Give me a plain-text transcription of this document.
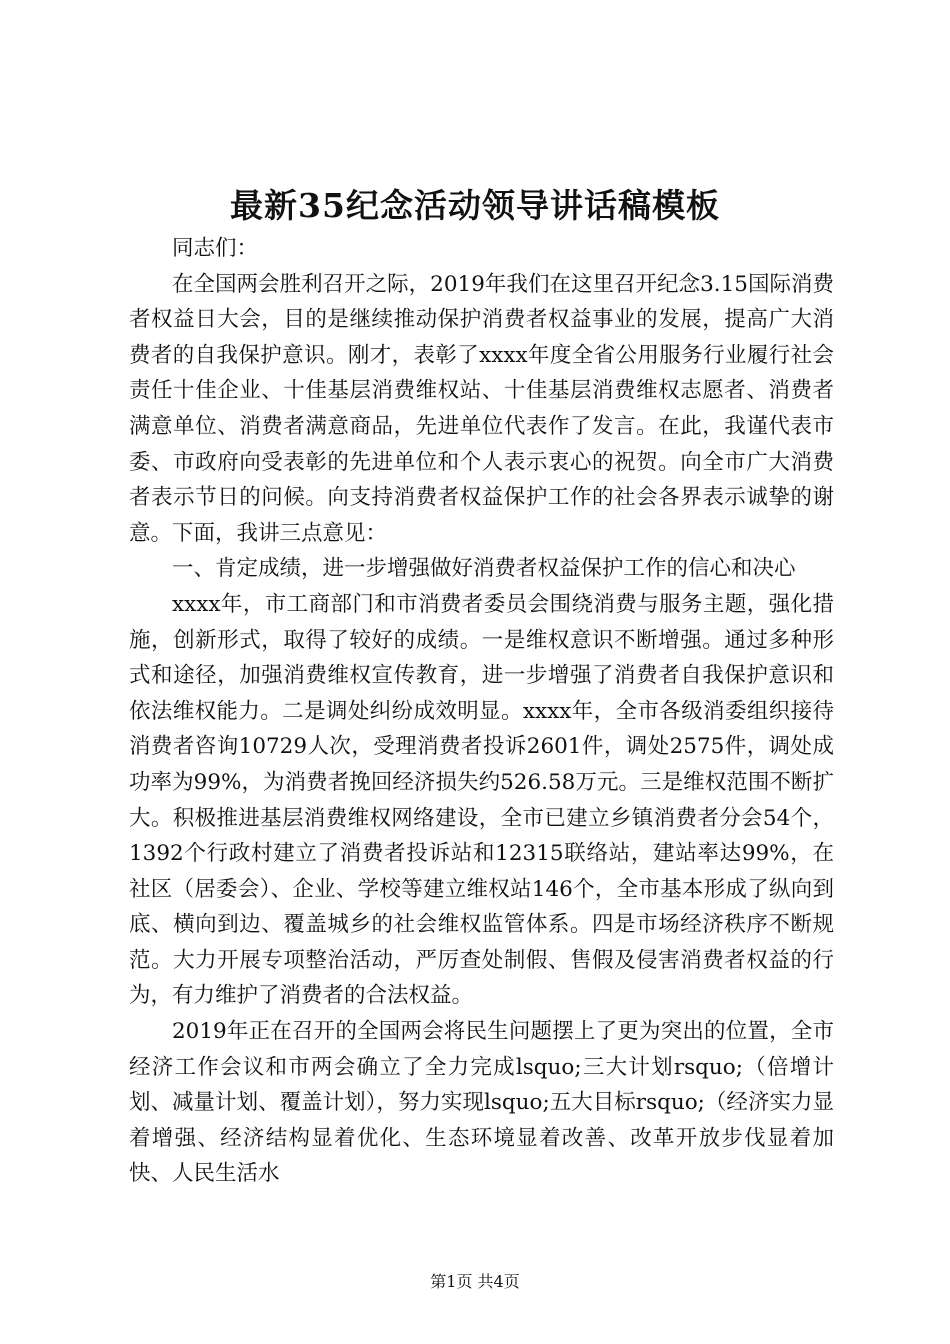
最新35纪念活动领导讲话稿模板

同志们：

在全国两会胜利召开之际，2019年我们在这里召开纪念3.15国际消费者权益日大会，目的是继续推动保护消费者权益事业的发展，提高广大消费者的自我保护意识。刚才，表彰了xxxx年度全省公用服务行业履行社会责任十佳企业、十佳基层消费维权站、十佳基层消费维权志愿者、消费者满意单位、消费者满意商品，先进单位代表作了发言。在此，我谨代表市委、市政府向受表彰的先进单位和个人表示衷心的祝贺。向全市广大消费者表示节日的问候。向支持消费者权益保护工作的社会各界表示诚挚的谢意。下面，我讲三点意见：

一、肯定成绩，进一步增强做好消费者权益保护工作的信心和决心

xxxx年，市工商部门和市消费者委员会围绕消费与服务主题，强化措施，创新形式，取得了较好的成绩。一是维权意识不断增强。通过多种形式和途径，加强消费维权宣传教育，进一步增强了消费者自我保护意识和依法维权能力。二是调处纠纷成效明显。xxxx年，全市各级消委组织接待消费者咨询10729人次，受理消费者投诉2601件，调处2575件，调处成功率为99%，为消费者挽回经济损失约526.58万元。三是维权范围不断扩大。积极推进基层消费维权网络建设，全市已建立乡镇消费者分会54个，1392个行政村建立了消费者投诉站和12315联络站，建站率达99%，在社区（居委会）、企业、学校等建立维权站146个，全市基本形成了纵向到底、横向到边、覆盖城乡的社会维权监管体系。四是市场经济秩序不断规范。大力开展专项整治活动，严厉查处制假、售假及侵害消费者权益的行为，有力维护了消费者的合法权益。

2019年正在召开的全国两会将民生问题摆上了更为突出的位置，全市经济工作会议和市两会确立了全力完成lsquo;三大计划rsquo;（倍增计划、减量计划、覆盖计划），努力实现lsquo;五大目标rsquo;（经济实力显着增强、经济结构显着优化、生态环境显着改善、改革开放步伐显着加快、人民生活水

第1页 共4页
